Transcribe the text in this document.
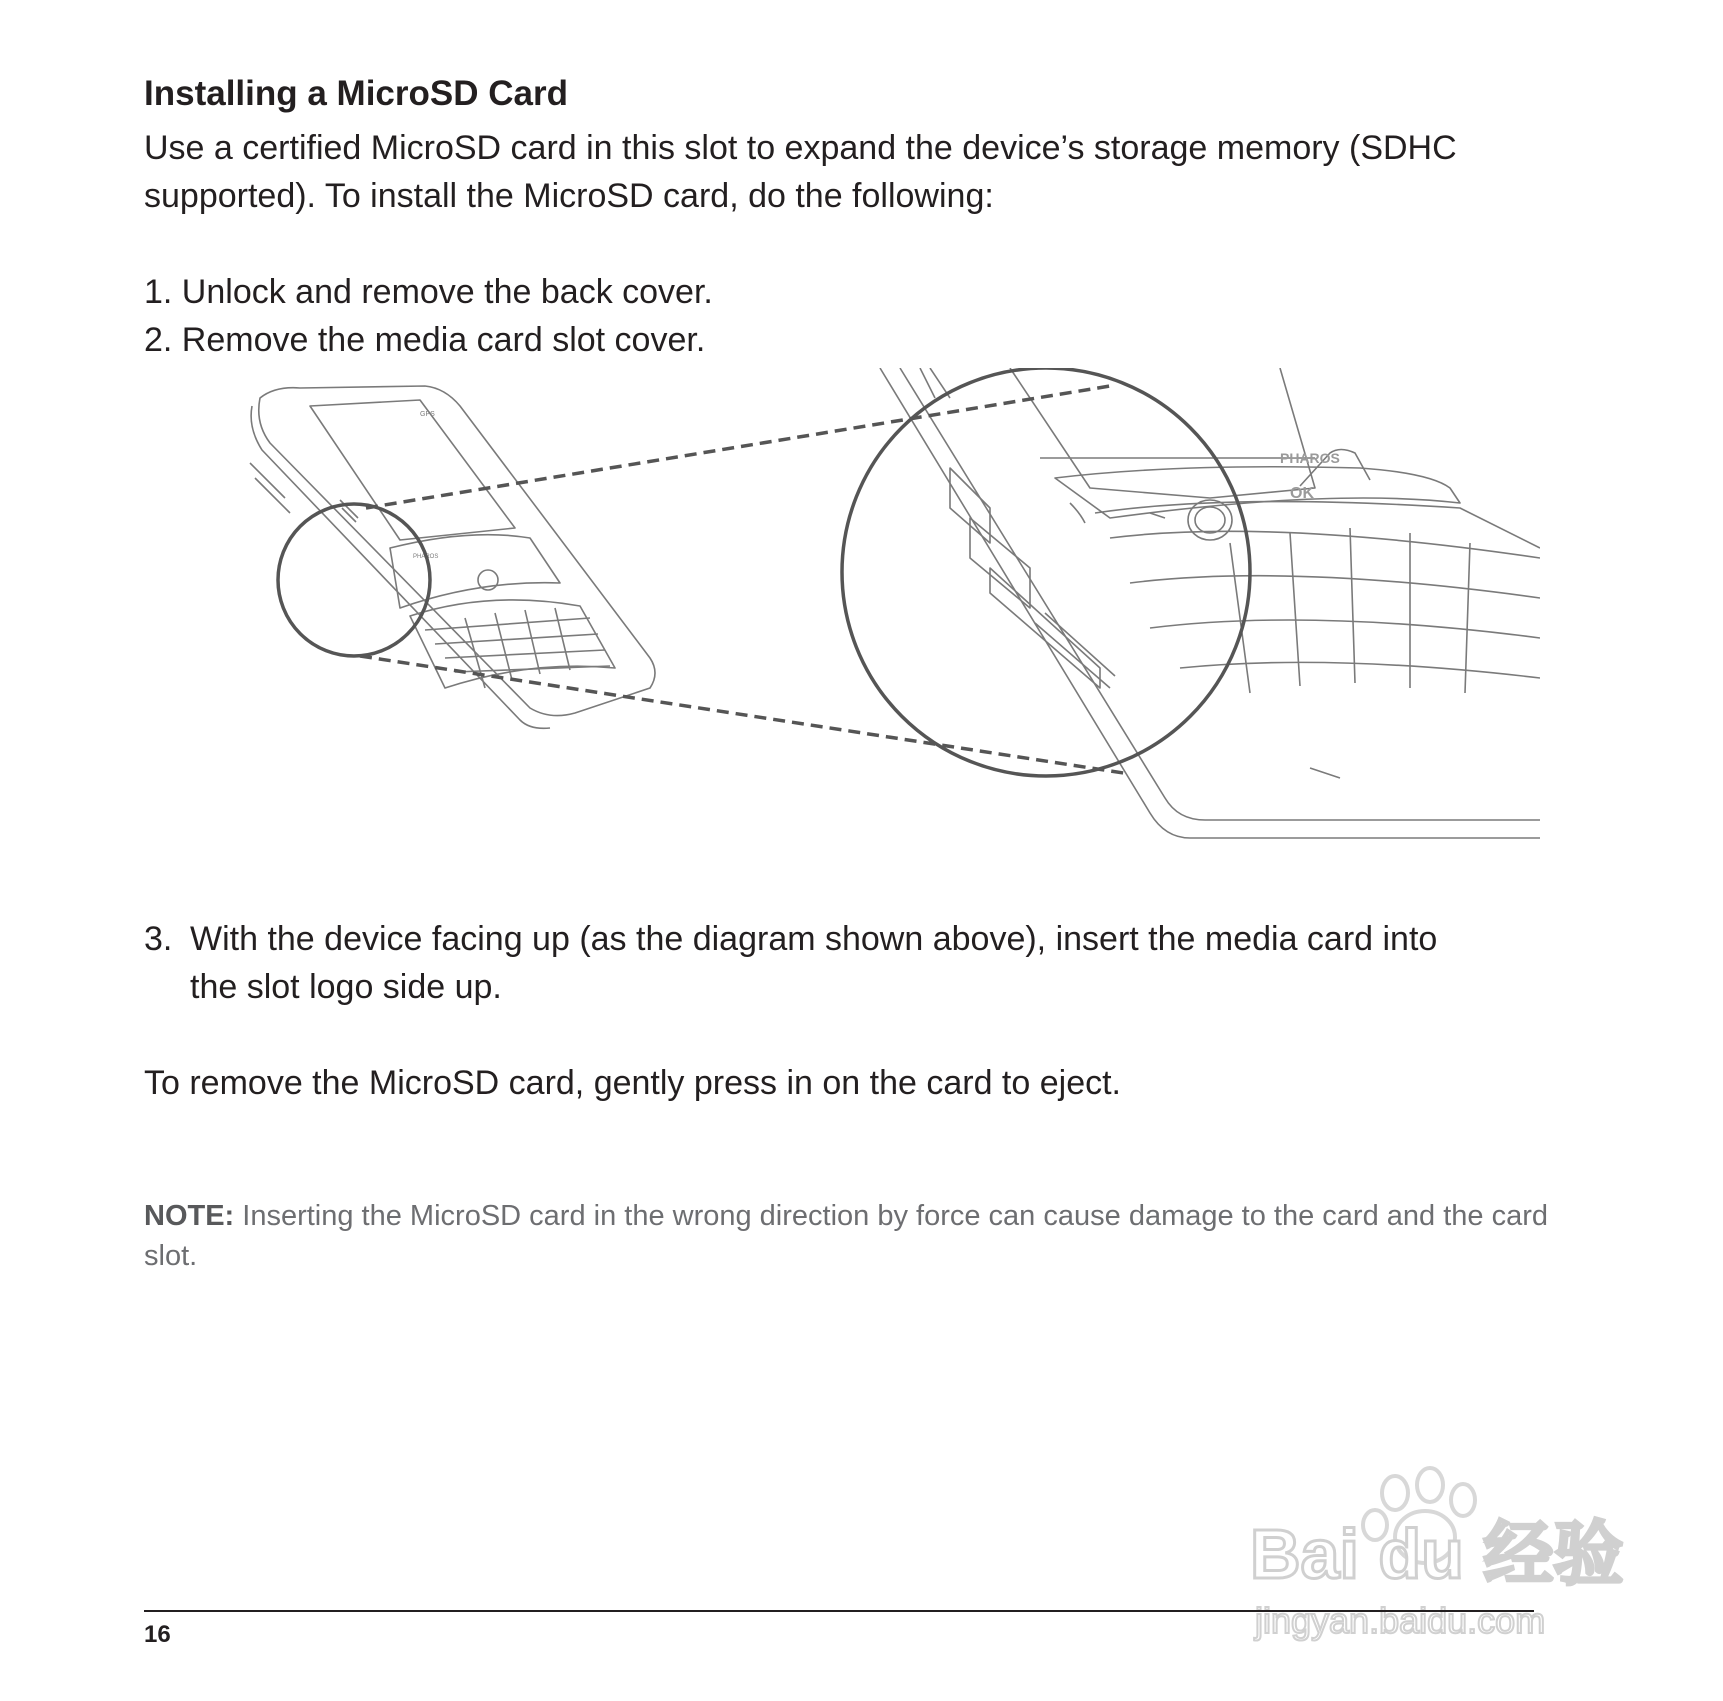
Installing a MicroSD Card

Use a certified MicroSD card in this slot to expand the device’s storage memory (SDHC supported). To install the MicroSD card, do the following:

1. Unlock and remove the back cover.

2. Remove the media card slot cover.

PHAROS
GPS
PHAROS
OK

3. With the device facing up (as the diagram shown above), insert the media card into
the slot logo side up.

To remove the MicroSD card, gently press in on the card to eject.

NOTE: Inserting the MicroSD card in the wrong direction by force can cause damage to the card and the card slot.

Bai du 经验
jingyan.baidu.com
16
